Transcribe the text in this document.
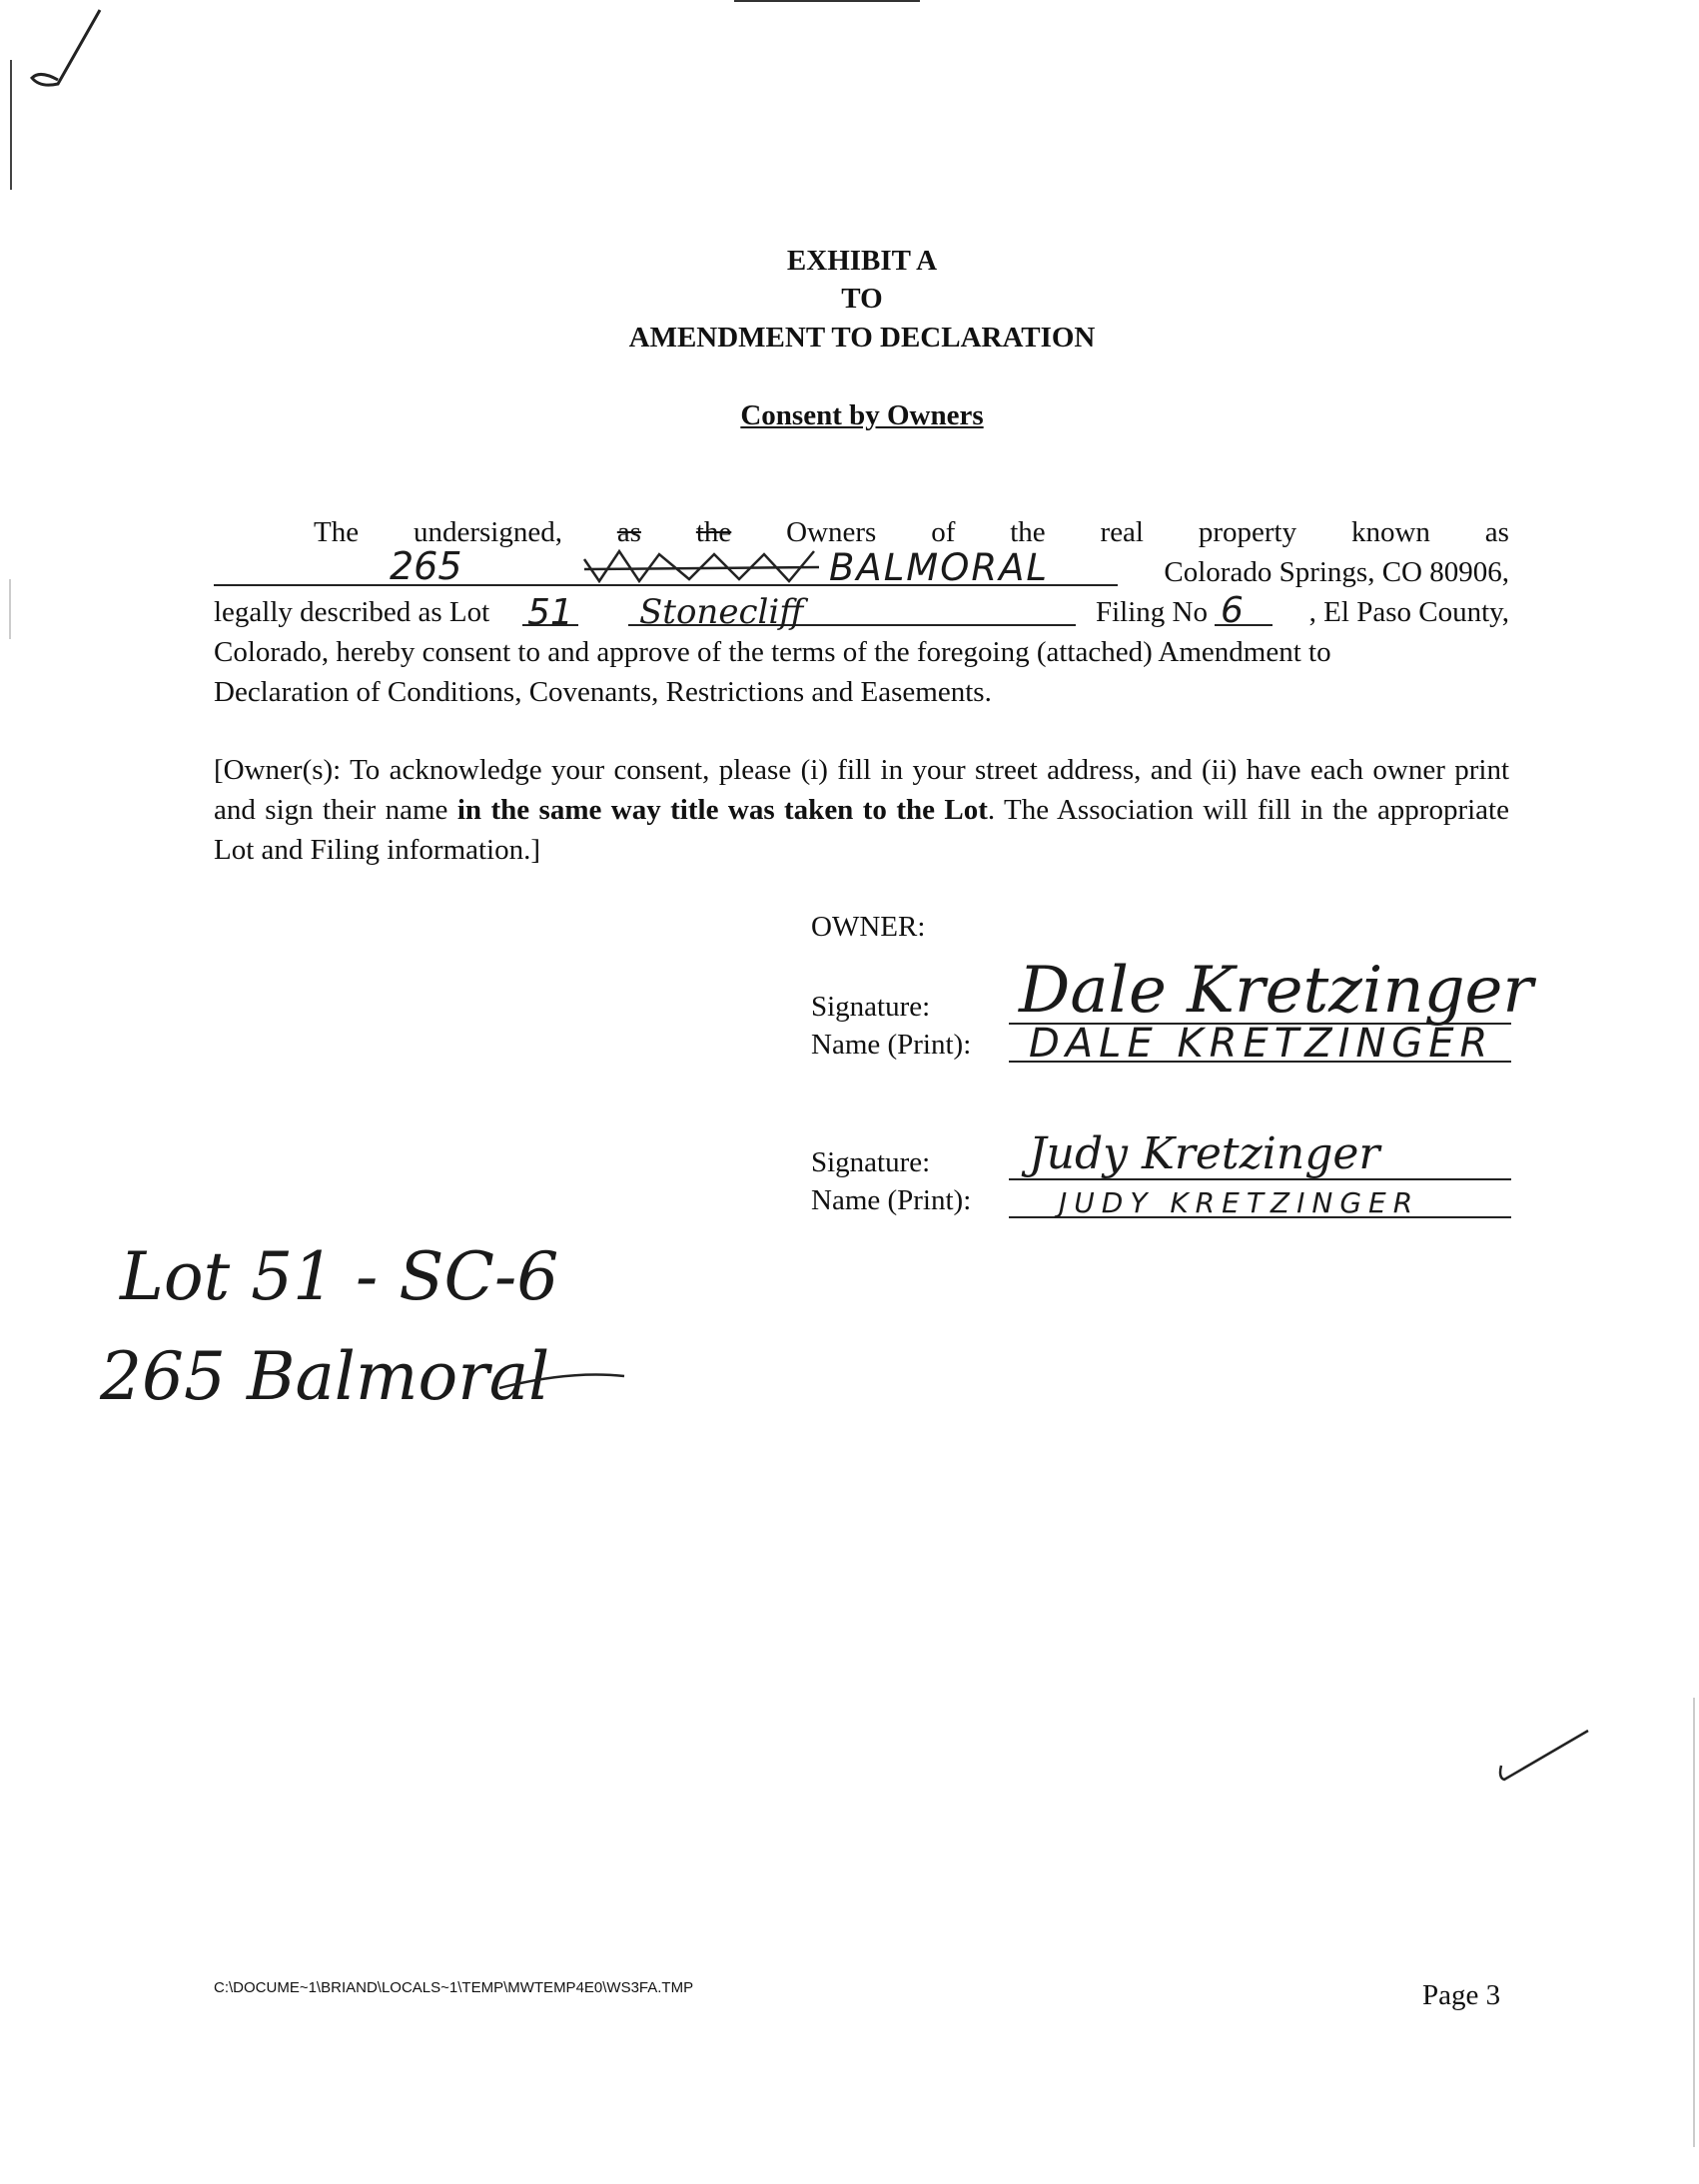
EXHIBIT A
TO
AMENDMENT TO DECLARATION
Consent by Owners
The undersigned, as the Owners of the real property known as
Colorado Springs, CO 80906,
265	BALMORAL
legally described as Lot	51 Stonecliff	Filing No 6	, El Paso County,
Colorado, hereby consent to and approve of the terms of the foregoing (attached) Amendment to
Declaration of Conditions, Covenants, Restrictions and Easements.
[Owner(s): To acknowledge your consent, please (i) fill in your street address, and (ii) have each owner print and sign their name in the same way title was taken to the Lot. The Association will fill in the appropriate Lot and Filing information.]
OWNER:
Signature: Dale Kretzinger
Name (Print): DALE KRETZINGER
Signature: Judy Kretzinger
Name (Print):	JUDY KRETZINGER
Lot 51 - SC-6
265 Balmoral
C:\DOCUME~1\BRIAND\LOCALS~1\TEMP\MWTEMP4E0\WS3FA.TMP	Page 3
